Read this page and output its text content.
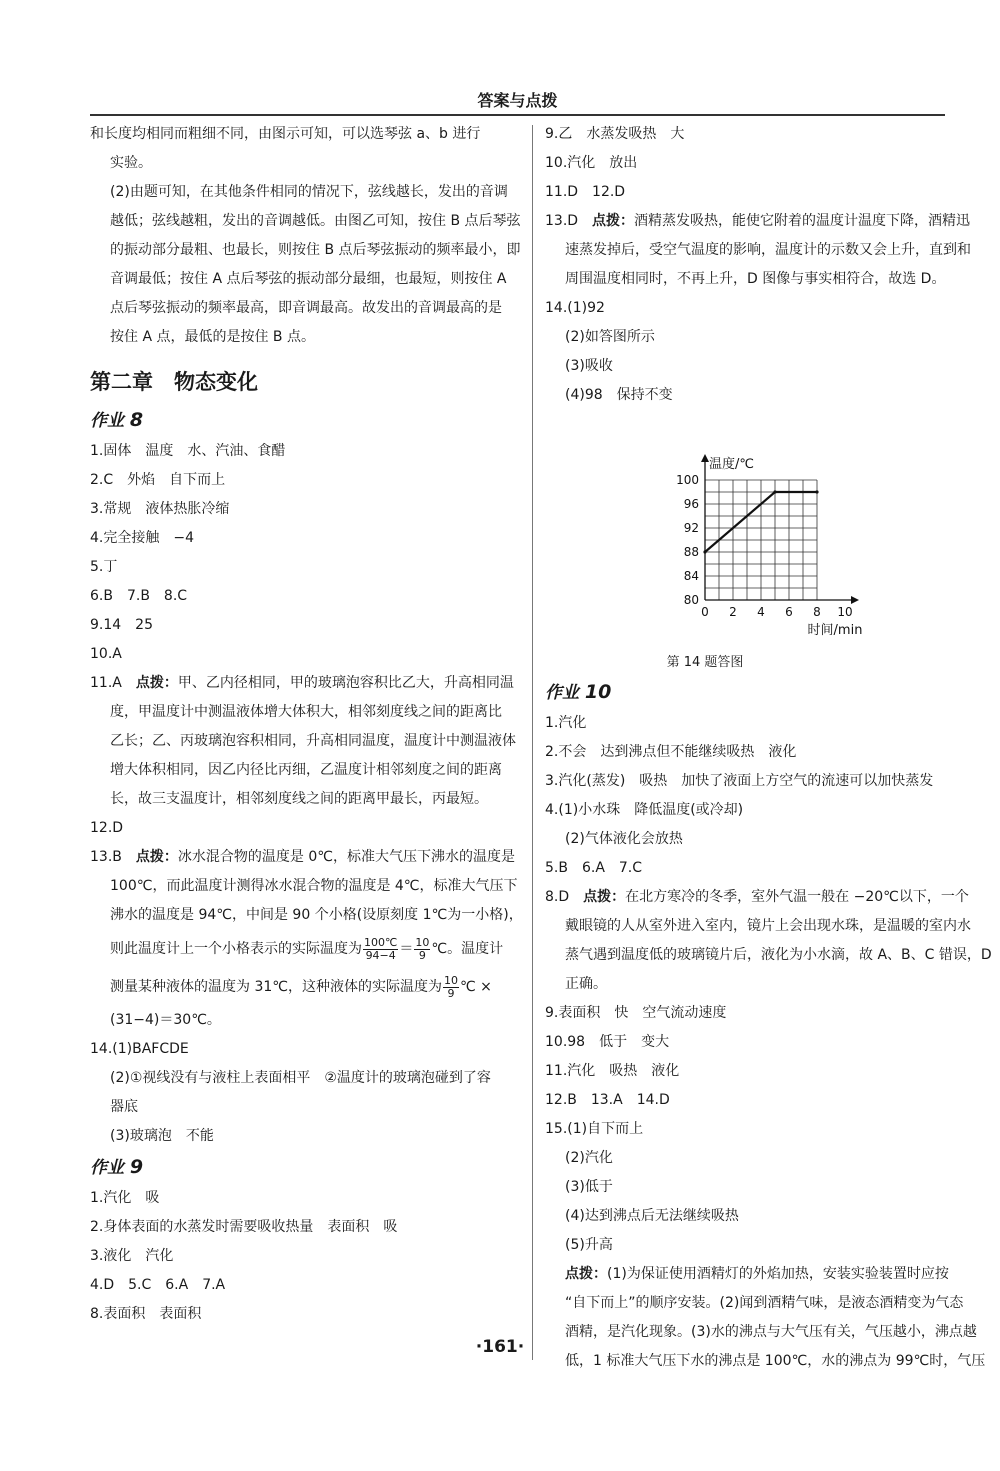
答案与点拨
和长度均相同而粗细不同，由图示可知，可以选琴弦 a、b 进行
实验。
(2)由题可知，在其他条件相同的情况下，弦线越长，发出的音调
越低；弦线越粗，发出的音调越低。由图乙可知，按住 B 点后琴弦
的振动部分最粗、也最长，则按住 B 点后琴弦振动的频率最小，即
音调最低；按住 A 点后琴弦的振动部分最细，也最短，则按住 A
点后琴弦振动的频率最高，即音调最高。故发出的音调最高的是
按住 A 点，最低的是按住 B 点。
第二章　物态变化
作业 8
1.固体　温度　水、汽油、食醋
2.C　外焰　自下而上
3.常规　液体热胀冷缩
4.完全接触　−4
5.丁
6.B　7.B　8.C
9.14　25
10.A
11.A　点拨：甲、乙内径相同，甲的玻璃泡容积比乙大，升高相同温
度，甲温度计中测温液体增大体积大，相邻刻度线之间的距离比
乙长；乙、丙玻璃泡容积相同，升高相同温度，温度计中测温液体
增大体积相同，因乙内径比丙细，乙温度计相邻刻度之间的距离
长，故三支温度计，相邻刻度线之间的距离甲最长，丙最短。
12.D
13.B　点拨：冰水混合物的温度是 0℃，标准大气压下沸水的温度是
100℃，而此温度计测得冰水混合物的温度是 4℃，标准大气压下
沸水的温度是 94℃，中间是 90 个小格(设原刻度 1℃为一小格)，
则此温度计上一个小格表示的实际温度为 $\frac{100℃}{94-4} = \frac{10}{9}$ ℃。温度计
测量某种液体的温度为 31℃，这种液体的实际温度为 $\frac{10}{9}$ ℃ ×
(31−4)＝30℃。
14.(1)BAFCDE
(2)①视线没有与液柱上表面相平　②温度计的玻璃泡碰到了容
器底
(3)玻璃泡　不能
作业 9
1.汽化　吸
2.身体表面的水蒸发时需要吸收热量　表面积　吸
3.液化　汽化
4.D　5.C　6.A　7.A
8.表面积　表面积
9.乙　水蒸发吸热　大
10.汽化　放出
11.D　12.D
13.D　点拨：酒精蒸发吸热，能使它附着的温度计温度下降，酒精迅
速蒸发掉后，受空气温度的影响，温度计的示数又会上升，直到和
周围温度相同时，不再上升，D 图像与事实相符合，故选 D。
14.(1)92
(2)如答图所示
(3)吸收
(4)98　保持不变
0 2 4 6 8 10
80
84
88
92
96
100
温度/℃
时间/min
第 14 题答图
作业 10
1.汽化
2.不会　达到沸点但不能继续吸热　液化
3.汽化(蒸发)　吸热　加快了液面上方空气的流速可以加快蒸发
4.(1)小水珠　降低温度(或冷却)
(2)气体液化会放热
5.B　6.A　7.C
8.D　点拨：在北方寒冷的冬季，室外气温一般在 −20℃以下，一个
戴眼镜的人从室外进入室内，镜片上会出现水珠，是温暖的室内水
蒸气遇到温度低的玻璃镜片后，液化为小水滴，故 A、B、C 错误，D
正确。
9.表面积　快　空气流动速度
10.98　低于　变大
11.汽化　吸热　液化
12.B　13.A　14.D
15.(1)自下而上
(2)汽化
(3)低于
(4)达到沸点后无法继续吸热
(5)升高
点拨：(1)为保证使用酒精灯的外焰加热，安装实验装置时应按
“自下而上”的顺序安装。(2)闻到酒精气味，是液态酒精变为气态
酒精，是汽化现象。(3)水的沸点与大气压有关，气压越小，沸点越
低，1 标准大气压下水的沸点是 100℃，水的沸点为 99℃时，气压
·161·
